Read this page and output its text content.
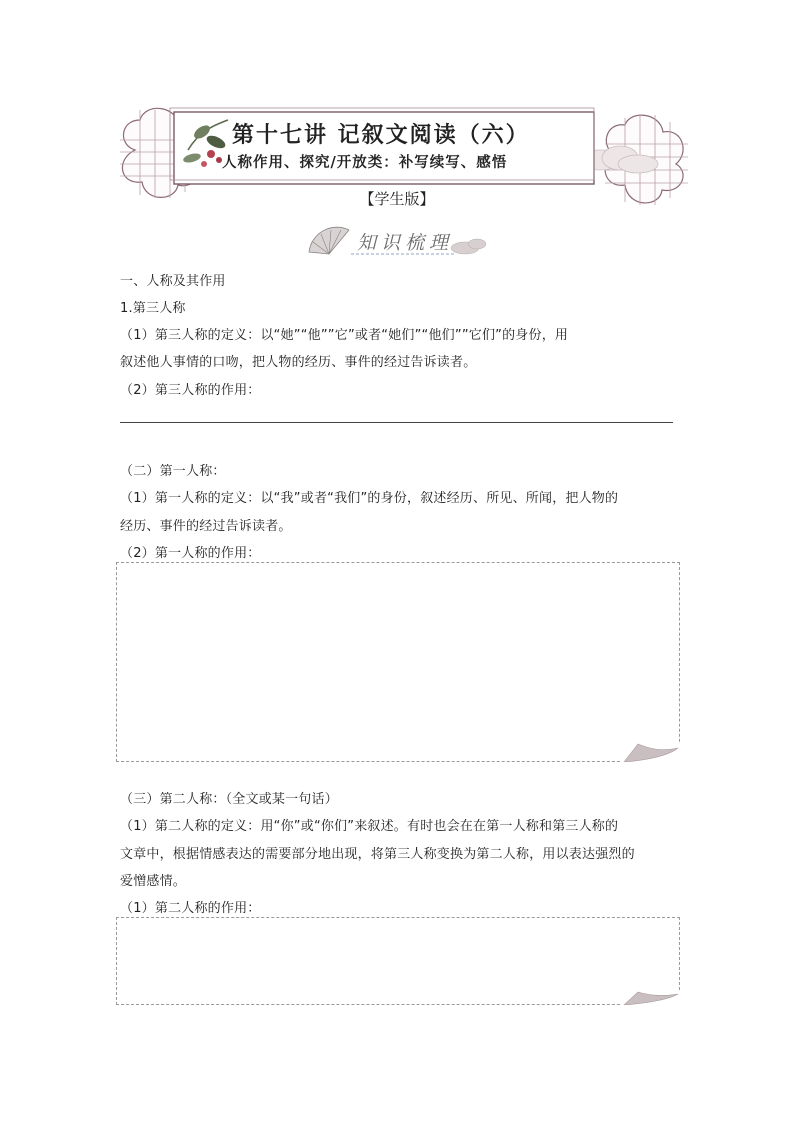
第十七讲 记叙文阅读（六）
人称作用、探究/开放类：补写续写、感悟
【学生版】
知识梳理
一、人称及其作用
1.第三人称
（1）第三人称的定义：以“她”“他””它”或者“她们”“他们””它们”的身份，用
叙述他人事情的口吻，把人物的经历、事件的经过告诉读者。
（2）第三人称的作用：
（二）第一人称：
（1）第一人称的定义：以“我”或者“我们”的身份，叙述经历、所见、所闻，把人物的
经历、事件的经过告诉读者。
（2）第一人称的作用：
（三）第二人称：（全文或某一句话）
（1）第二人称的定义：用“你”或“你们”来叙述。有时也会在在第一人称和第三人称的
文章中，根据情感表达的需要部分地出现，将第三人称变换为第二人称，用以表达强烈的
爱憎感情。
（1）第二人称的作用：
